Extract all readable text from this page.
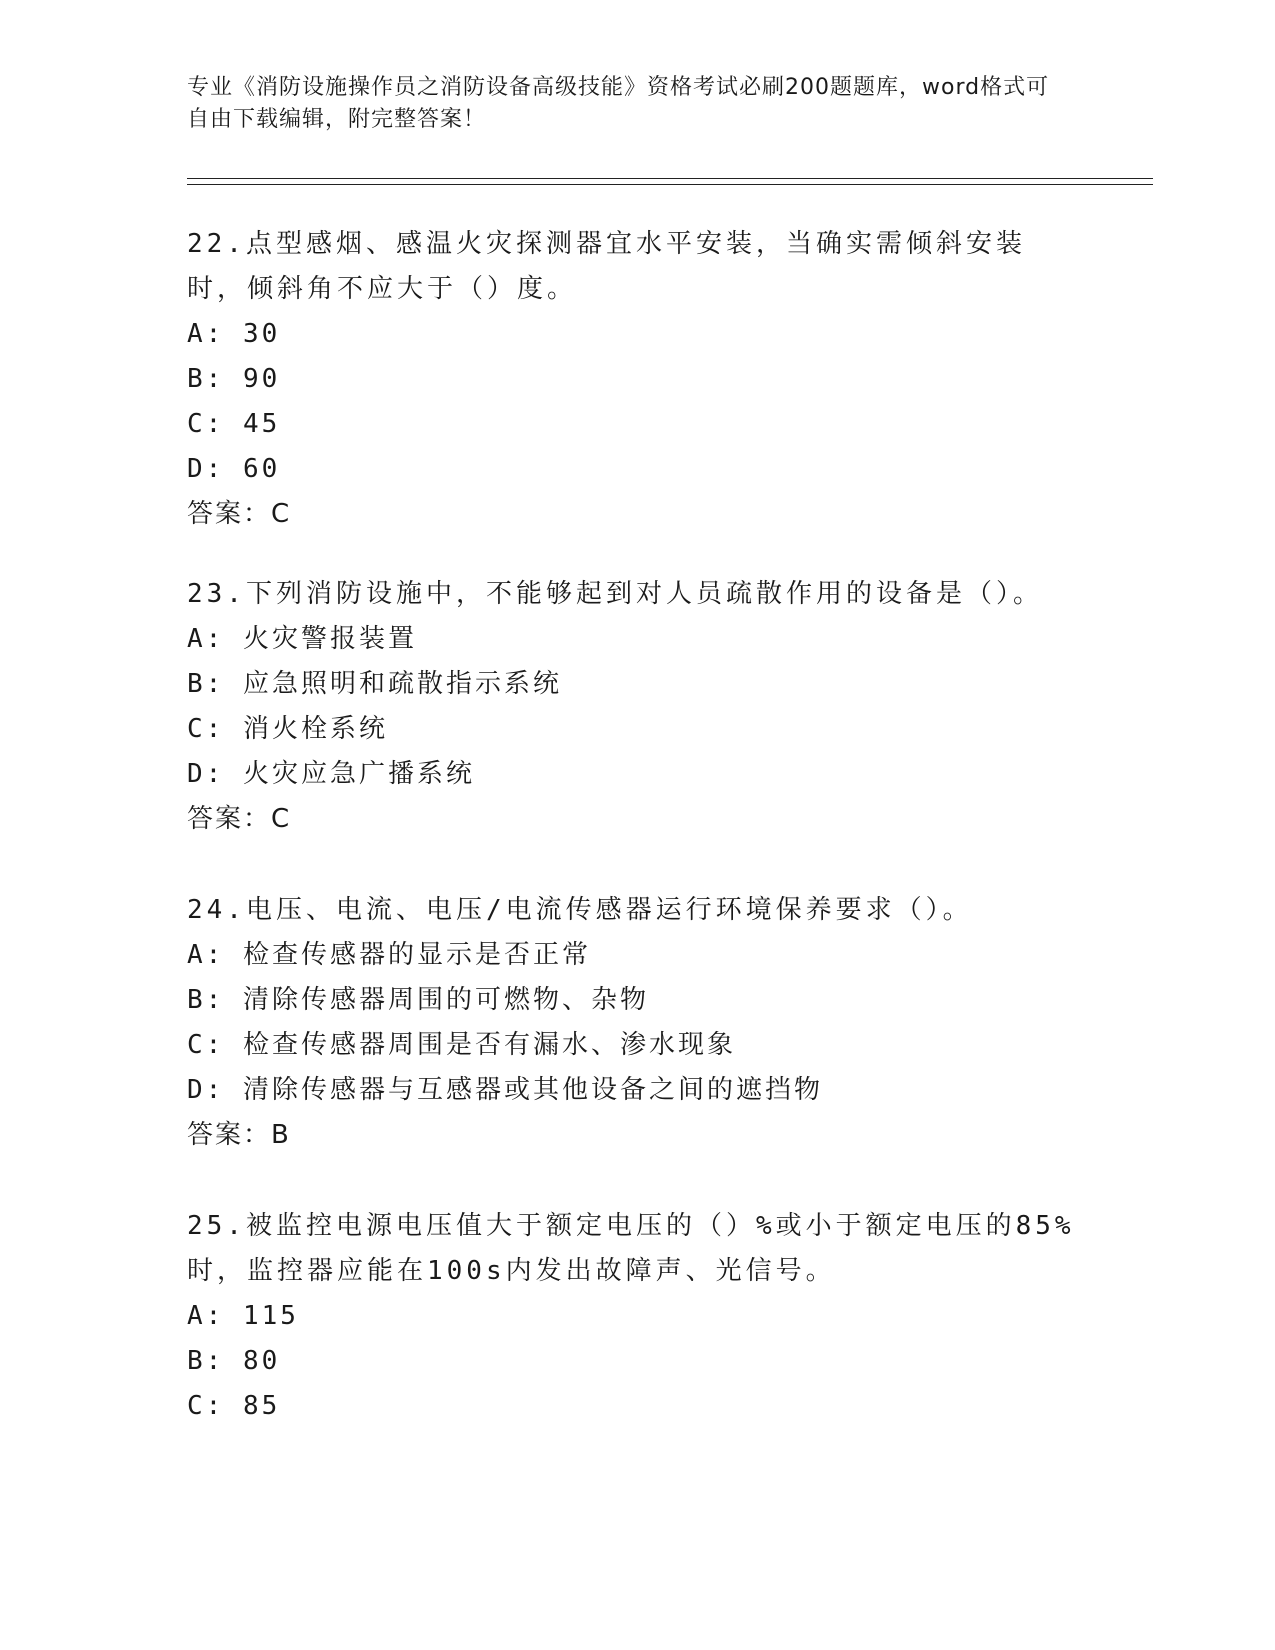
专业《消防设施操作员之消防设备高级技能》资格考试必刷200题题库，word格式可自由下载编辑，附完整答案！

22.点型感烟、感温火灾探测器宜水平安装，当确实需倾斜安装时，倾斜角不应大于（）度。

A: 30

B: 90

C: 45

D: 60

答案：C

23.下列消防设施中，不能够起到对人员疏散作用的设备是（）。

A: 火灾警报装置

B: 应急照明和疏散指示系统

C: 消火栓系统

D: 火灾应急广播系统

答案：C

24.电压、电流、电压/电流传感器运行环境保养要求（）。

A: 检查传感器的显示是否正常

B: 清除传感器周围的可燃物、杂物

C: 检查传感器周围是否有漏水、渗水现象

D: 清除传感器与互感器或其他设备之间的遮挡物

答案：B

25.被监控电源电压值大于额定电压的（）%或小于额定电压的85%时，监控器应能在100s内发出故障声、光信号。

A: 115

B: 80

C: 85
